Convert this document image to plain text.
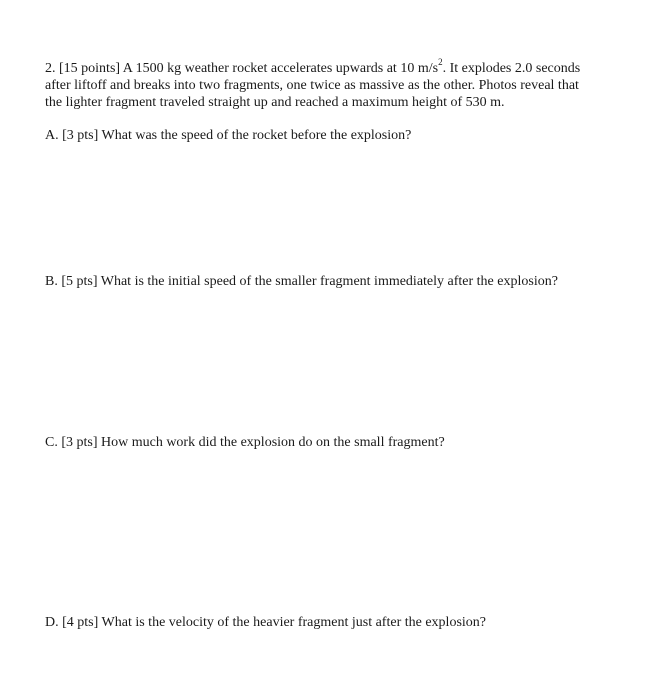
2. [15 points] A 1500 kg weather rocket accelerates upwards at 10 $m/s^2$. It explodes 2.0 seconds
after liftoff and breaks into two fragments, one twice as massive as the other. Photos reveal that
the lighter fragment traveled straight up and reached a maximum height of 530 m.

A. [3 pts] What was the speed of the rocket before the explosion?

B. [5 pts] What is the initial speed of the smaller fragment immediately after the explosion?

C. [3 pts] How much work did the explosion do on the small fragment?

D. [4 pts] What is the velocity of the heavier fragment just after the explosion?
